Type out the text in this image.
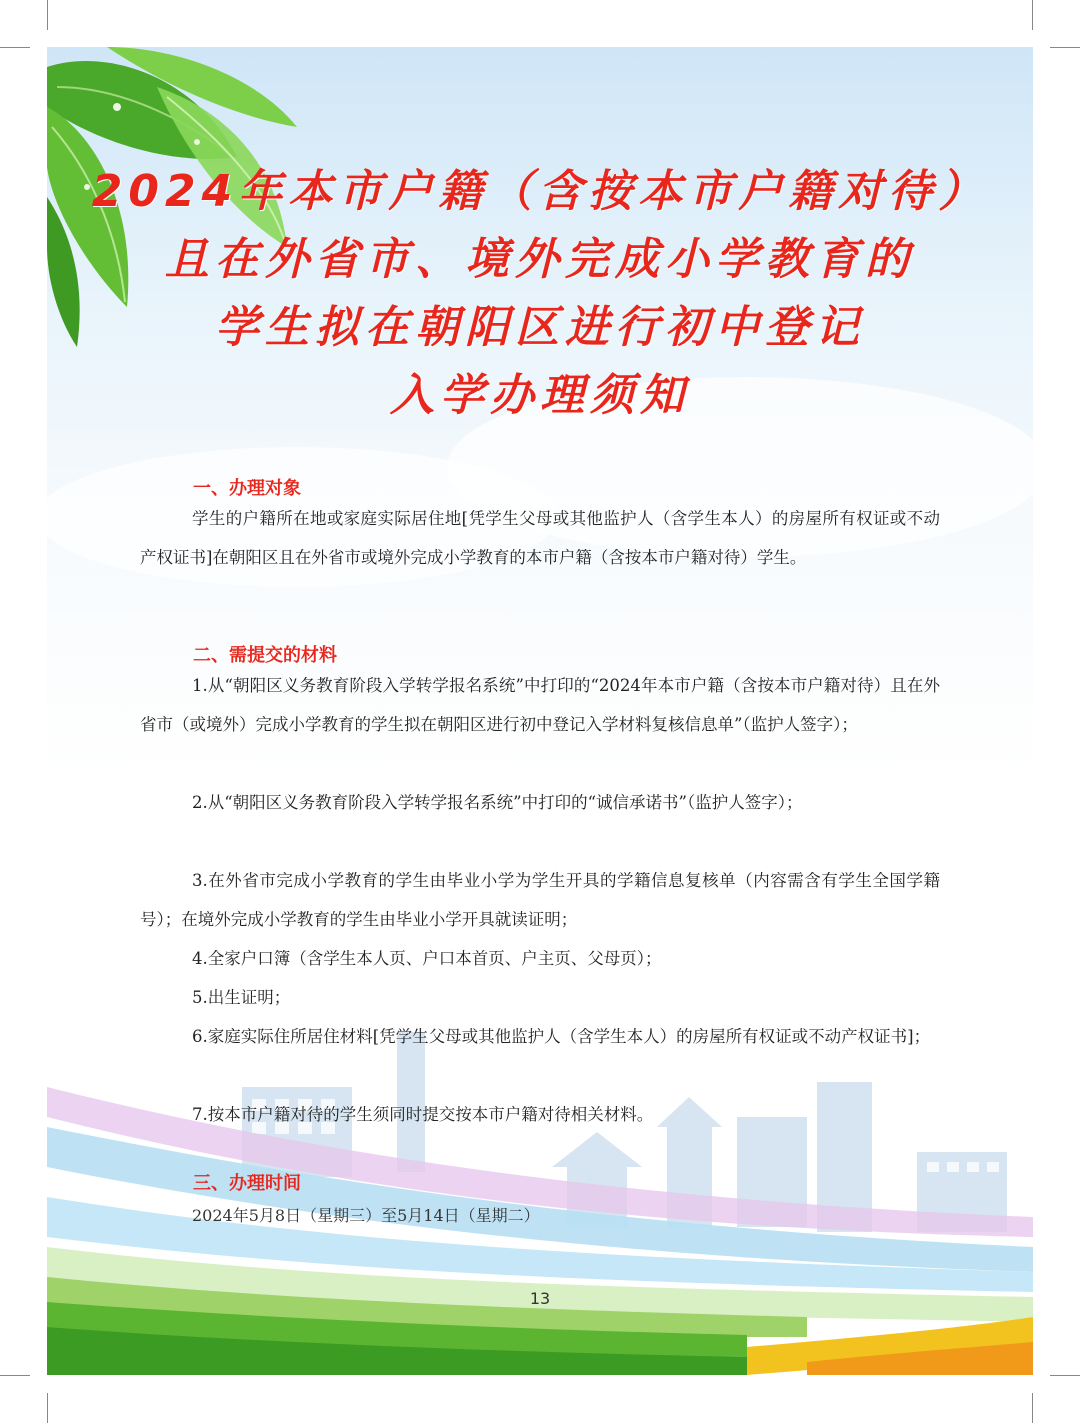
2024年本市户籍（含按本市户籍对待）
且在外省市、境外完成小学教育的
学生拟在朝阳区进行初中登记
入学办理须知
一、办理对象
学生的户籍所在地或家庭实际居住地[凭学生父母或其他监护人（含学生本人）的房屋所有权证或不动产权证书]在朝阳区且在外省市或境外完成小学教育的本市户籍（含按本市户籍对待）学生。
二、需提交的材料
1.从“朝阳区义务教育阶段入学转学报名系统”中打印的“2024年本市户籍（含按本市户籍对待）且在外省市（或境外）完成小学教育的学生拟在朝阳区进行初中登记入学材料复核信息单”（监护人签字）；
2.从“朝阳区义务教育阶段入学转学报名系统”中打印的“诚信承诺书”（监护人签字）；
3.在外省市完成小学教育的学生由毕业小学为学生开具的学籍信息复核单（内容需含有学生全国学籍号）；在境外完成小学教育的学生由毕业小学开具就读证明；
4.全家户口簿（含学生本人页、户口本首页、户主页、父母页）；
5.出生证明；
6.家庭实际住所居住材料[凭学生父母或其他监护人（含学生本人）的房屋所有权证或不动产权证书]；
7.按本市户籍对待的学生须同时提交按本市户籍对待相关材料。
三、办理时间
2024年5月8日（星期三）至5月14日（星期二）
13
